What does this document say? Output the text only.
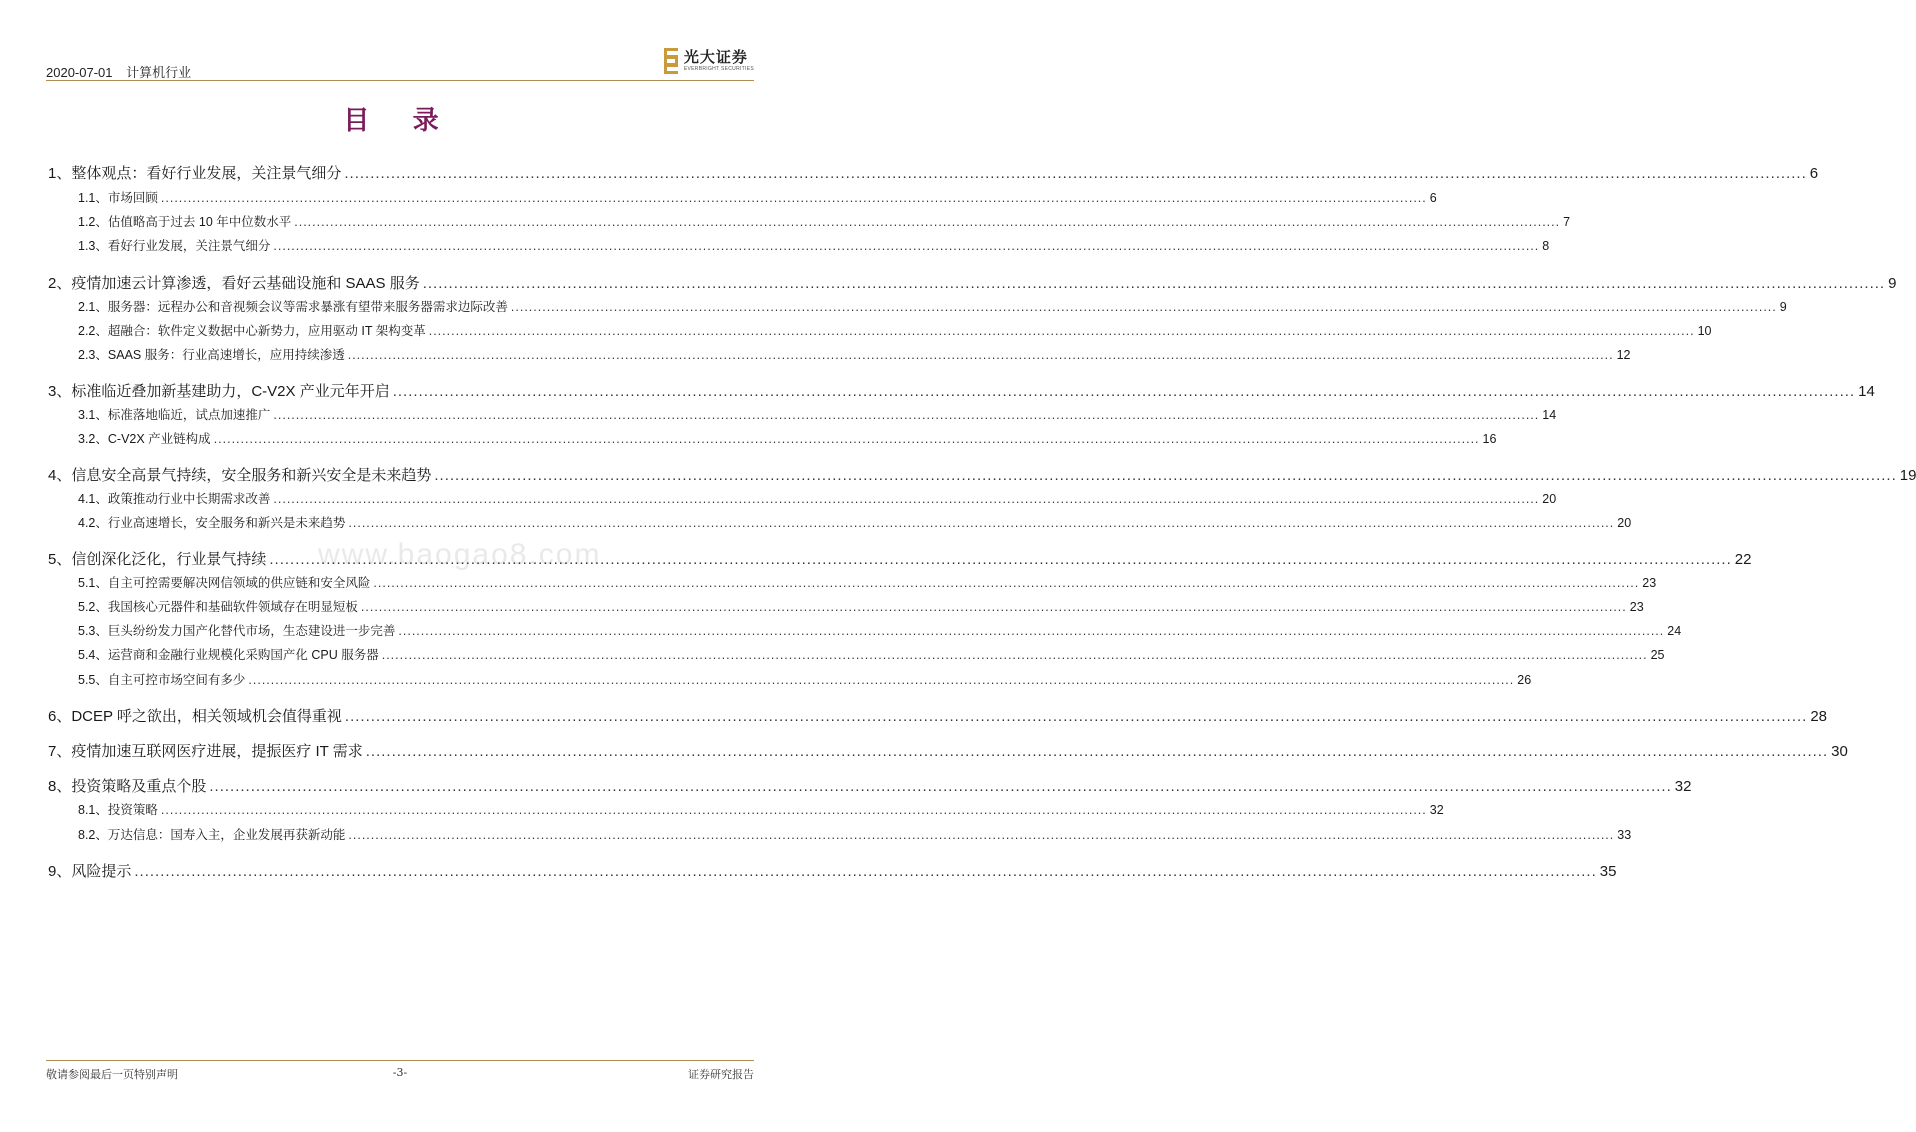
2020-07-01 计算机行业
光大证券
EVERBRIGHT SECURITIES
目 录
www.baogao8.com
1、 整体观点：看好行业发展，关注景气细分 .....	6
1.1、 市场回顾 .....	6
1.2、 估值略高于过去 10 年中位数水平 .....	7
1.3、 看好行业发展，关注景气细分 .....	8
2、 疫情加速云计算渗透，看好云基础设施和 SAAS 服务 .....	9
2.1、 服务器：远程办公和音视频会议等需求暴涨有望带来服务器需求边际改善 .....	9
2.2、 超融合：软件定义数据中心新势力，应用驱动 IT 架构变革 .....	10
2.3、 SAAS 服务：行业高速增长，应用持续渗透 .....	12
3、 标准临近叠加新基建助力，C-V2X 产业元年开启 .....	14
3.1、 标准落地临近，试点加速推广 .....	14
3.2、 C-V2X 产业链构成 .....	16
4、 信息安全高景气持续，安全服务和新兴安全是未来趋势 .....	19
4.1、 政策推动行业中长期需求改善 .....	20
4.2、 行业高速增长，安全服务和新兴是未来趋势 .....	20
5、 信创深化泛化，行业景气持续 .....	22
5.1、 自主可控需要解决网信领域的供应链和安全风险 .....	23
5.2、 我国核心元器件和基础软件领域存在明显短板 .....	23
5.3、 巨头纷纷发力国产化替代市场，生态建设进一步完善 .....	24
5.4、 运营商和金融行业规模化采购国产化 CPU 服务器 .....	25
5.5、 自主可控市场空间有多少 .....	26
6、 DCEP 呼之欲出，相关领域机会值得重视 .....	28
7、 疫情加速互联网医疗进展，提振医疗 IT 需求 .....	30
8、 投资策略及重点个股 .....	32
8.1、 投资策略 .....	32
8.2、 万达信息：国寿入主，企业发展再获新动能 .....	33
9、 风险提示 .....	35
敬请参阅最后一页特别声明	-3-	证券研究报告
